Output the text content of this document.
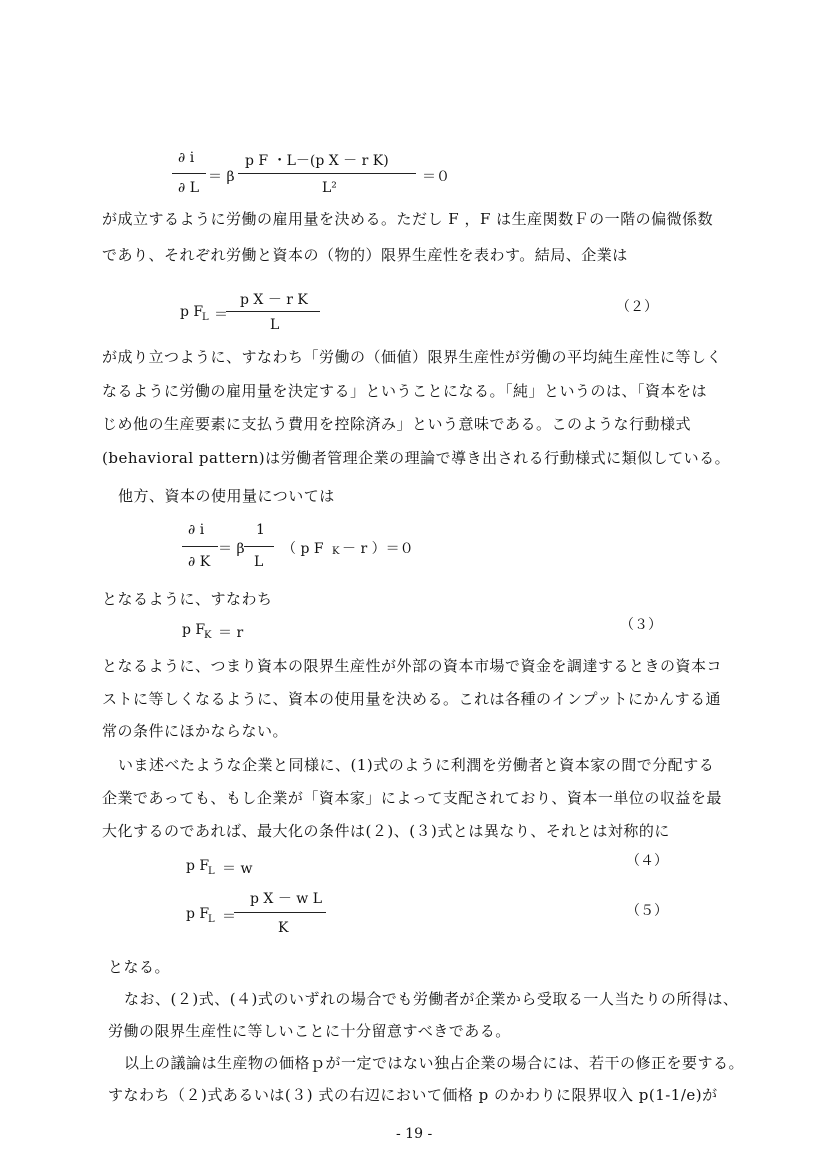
∂ i
∂ L
＝ β
p F ・L－(p X － r K)
L²
＝０
が成立するように労働の雇用量を決める。ただし F ，F は生産関数Ｆの一階の偏微係数
であり、それぞれ労働と資本の（物的）限界生産性を表わす。結局、企業は
p F
L ＝
p X － r K
L
（２）
が成り立つように、すなわち「労働の（価値）限界生産性が労働の平均純生産性に等しく
なるように労働の雇用量を決定する」ということになる。「純」というのは、「資本をは
じめ他の生産要素に支払う費用を控除済み」という意味である。このような行動様式
(behavioral pattern)は労働者管理企業の理論で導き出される行動様式に類似している。
他方、資本の使用量については
∂ i
∂ K
＝ β
1
L
（ p F K － r ）＝０
となるように、すなわち
p F
K ＝ r	（３）
となるように、つまり資本の限界生産性が外部の資本市場で資金を調達するときの資本コ
ストに等しくなるように、資本の使用量を決める。これは各種のインプットにかんする通
常の条件にほかならない。
いま述べたような企業と同様に、(1)式のように利潤を労働者と資本家の間で分配する
企業であっても、もし企業が「資本家」によって支配されており、資本一単位の収益を最
大化するのであれば、最大化の条件は(２)、(３)式とは異なり、それとは対称的に
p F
L ＝ w	（４）
p F
L ＝
p X － w L
K
（５）
となる。
なお、(２)式、(４)式のいずれの場合でも労働者が企業から受取る一人当たりの所得は、
労働の限界生産性に等しいことに十分留意すべきである。
以上の議論は生産物の価格ｐが一定ではない独占企業の場合には、若干の修正を要する。
すなわち（２)式あるいは(３) 式の右辺において価格 p のかわりに限界収入 p(1-1/e)が
- 19 -
